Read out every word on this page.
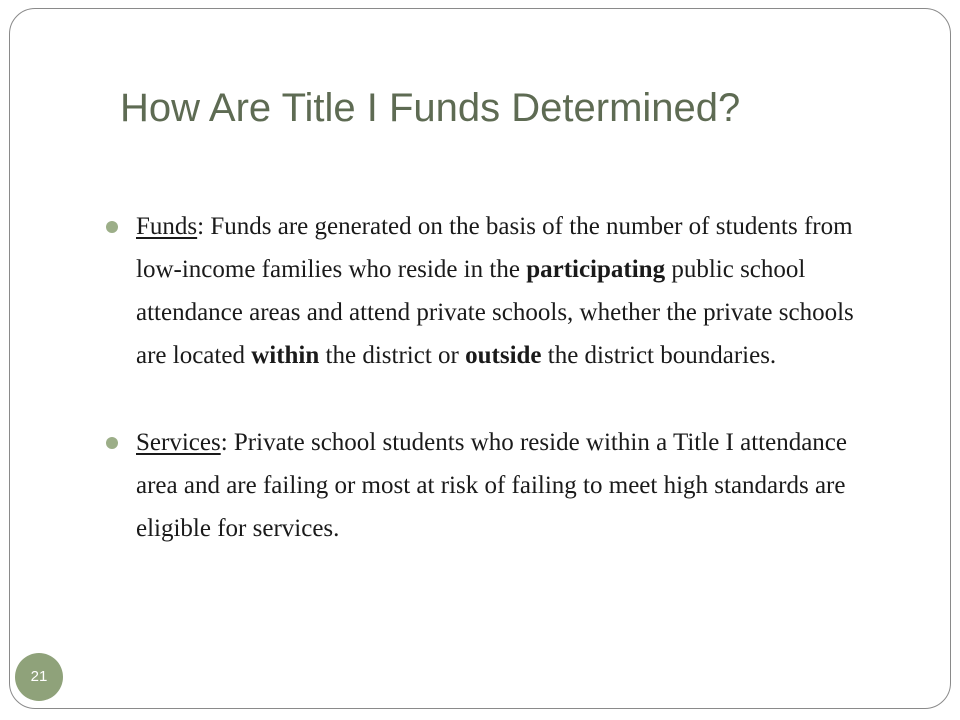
How Are Title I Funds Determined?
Funds: Funds are generated on the basis of the number of students from low-income families who reside in the participating public school attendance areas and attend private schools, whether the private schools are located within the district or outside the district boundaries.
Services: Private school students who reside within a Title I attendance area and are failing or most at risk of failing to meet high standards are eligible for services.
21
